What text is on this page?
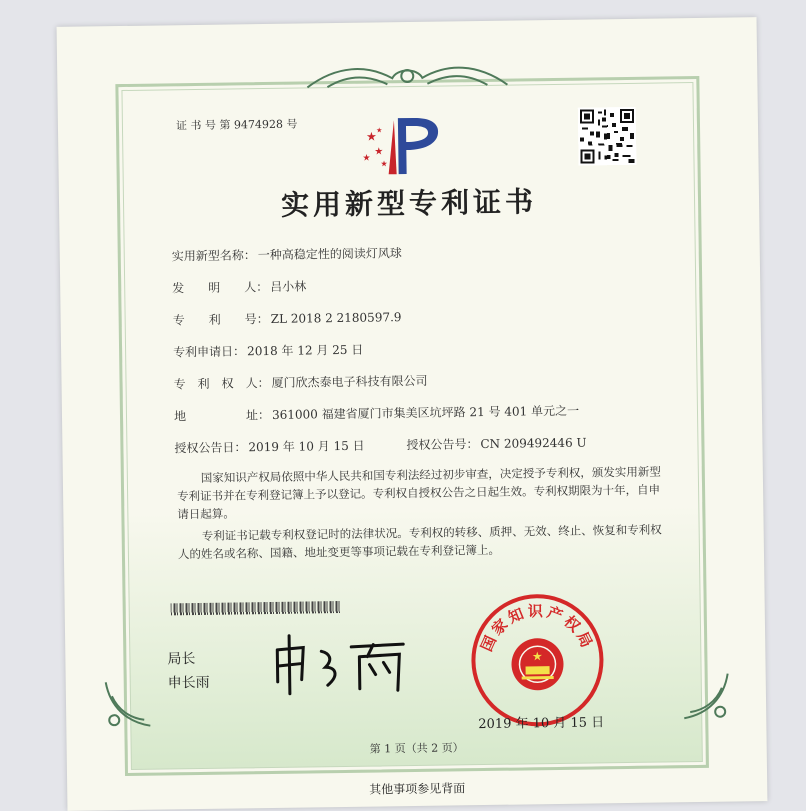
证 书 号 第 9474928 号
★
★
★
★
★
实用新型专利证书
实用新型名称： 一种高稳定性的阅读灯风球
发　　明　　人： 吕小林
专　　利　　号： ZL 2018 2 2180597.9
专利申请日： 2018 年 12 月 25 日
专　利　权　人： 厦门欣杰泰电子科技有限公司
地　　　　　址： 361000 福建省厦门市集美区坑坪路 21 号 401 单元之一
授权公告日： 2019 年 10 月 15 日	授权公告号： CN 209492446 U
国家知识产权局依照中华人民共和国专利法经过初步审查，决定授予专利权，颁发实用新型专利证书并在专利登记簿上予以登记。专利权自授权公告之日起生效。专利权期限为十年，自申请日起算。
专利证书记载专利权登记时的法律状况。专利权的转移、质押、无效、终止、恢复和专利权人的姓名或名称、国籍、地址变更等事项记载在专利登记簿上。
局长
申长雨
国家知识产权局
★
2019 年 10 月 15 日
第 1 页（共 2 页）
其他事项参见背面
